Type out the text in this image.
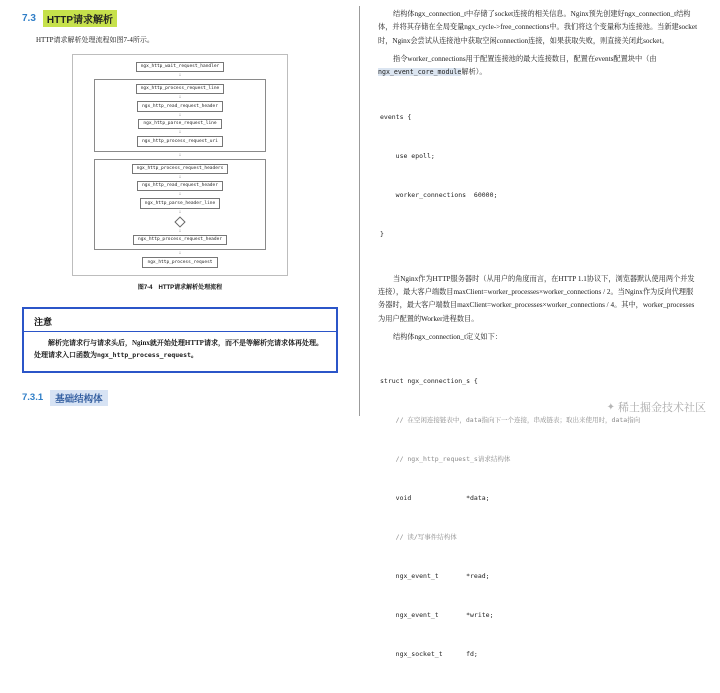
7.3	HTTP请求解析

HTTP请求解析处理流程如图7-4所示。

ngx_http_wait_request_handler
↓
ngx_http_process_request_line
↓
ngx_http_read_request_header
↓
ngx_http_parse_request_line
↓
ngx_http_process_request_uri
↓
ngx_http_process_request_headers
↓
ngx_http_read_request_header
↓
ngx_http_parse_header_line
↓
↓
ngx_http_process_request_header
↓
ngx_http_process_request
图7-4　HTTP请求解析处理流程
注意

解析完请求行与请求头后，Nginx就开始处理HTTP请求，而不是等解析完请求体再处理。处理请求入口函数为ngx_http_process_request。

7.3.1	基础结构体

结构体ngx_connection_t中存储了socket连接的相关信息。Nginx预先创建好ngx_connection_t结构体，并将其存储在全局变量ngx_cycle->free_connections中。我们将这个变量称为连接池。当新建socket时，Nginx会尝试从连接池中获取空闲connection连接，如果获取失败，则直接关闭此socket。

指令worker_connections用于配置连接池的最大连接数目，配置在events配置块中（由ngx_event_core_module解析）。

events {

use epoll;

worker_connections  60000;

}

当Nginx作为HTTP服务器时（从用户的角度而言，在HTTP 1.1协议下，浏览器默认使用两个并发连接），最大客户端数目maxClient=worker_processes×worker_connections / 2。当Nginx作为反向代理服务器时，最大客户端数目maxClient=worker_processes×worker_connections / 4。其中，worker_processes为用户配置的Worker进程数目。

结构体ngx_connection_t定义如下：

struct ngx_connection_s {

// 在空闲连接链表中，data指向下一个连接，串成链表；取出来使用时，data指向

// ngx_http_request_s请求结构体

void              *data;

// 读/写事件结构体

ngx_event_t       *read;

ngx_event_t       *write;

ngx_socket_t      fd;

✦ 稀土掘金技术社区
